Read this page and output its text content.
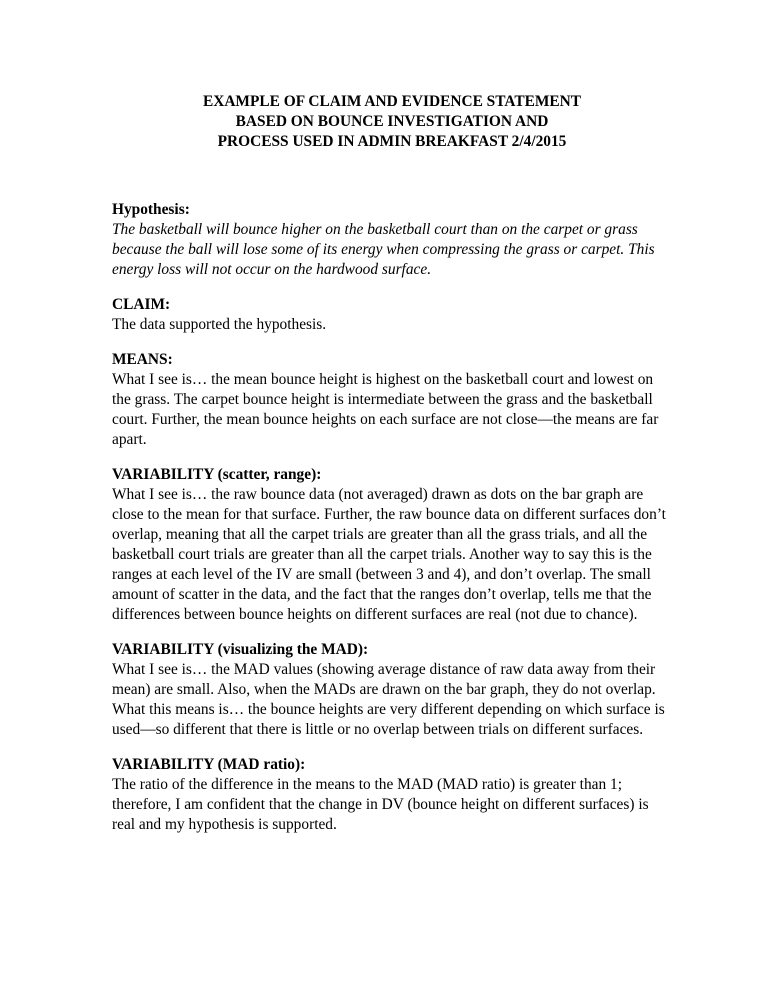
EXAMPLE OF CLAIM AND EVIDENCE STATEMENT
BASED ON BOUNCE INVESTIGATION AND
PROCESS USED IN ADMIN BREAKFAST 2/4/2015
Hypothesis:
The basketball will bounce higher on the basketball court than on the carpet or grass because the ball will lose some of its energy when compressing the grass or carpet. This energy loss will not occur on the hardwood surface.
CLAIM:
The data supported the hypothesis.
MEANS:
What I see is… the mean bounce height is highest on the basketball court and lowest on the grass. The carpet bounce height is intermediate between the grass and the basketball court. Further, the mean bounce heights on each surface are not close—the means are far apart.
VARIABILITY (scatter, range):
What I see is… the raw bounce data (not averaged) drawn as dots on the bar graph are close to the mean for that surface. Further, the raw bounce data on different surfaces don’t overlap, meaning that all the carpet trials are greater than all the grass trials, and all the basketball court trials are greater than all the carpet trials. Another way to say this is the ranges at each level of the IV are small (between 3 and 4), and don’t overlap. The small amount of scatter in the data, and the fact that the ranges don’t overlap, tells me that the differences between bounce heights on different surfaces are real (not due to chance).
VARIABILITY (visualizing the MAD):
What I see is… the MAD values (showing average distance of raw data away from their mean) are small. Also, when the MADs are drawn on the bar graph, they do not overlap. What this means is… the bounce heights are very different depending on which surface is used—so different that there is little or no overlap between trials on different surfaces.
VARIABILITY (MAD ratio):
The ratio of the difference in the means to the MAD (MAD ratio) is greater than 1; therefore, I am confident that the change in DV (bounce height on different surfaces) is real and my hypothesis is supported.
